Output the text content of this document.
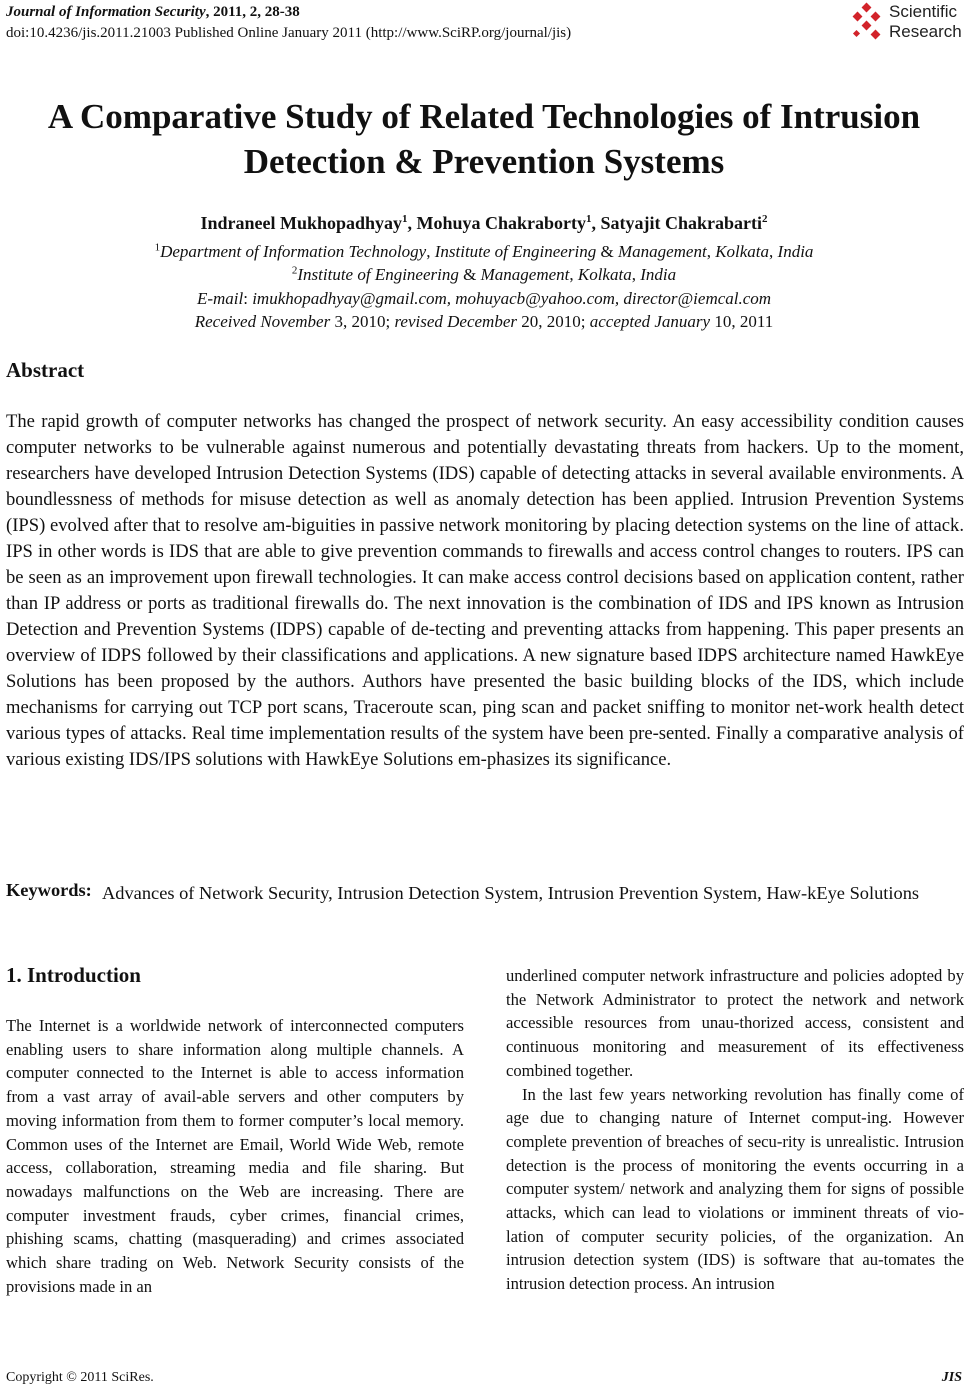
Journal of Information Security, 2011, 2, 28-38
doi:10.4236/jis.2011.21003 Published Online January 2011 (http://www.SciRP.org/journal/jis)
Scientific
Research
A Comparative Study of Related Technologies of Intrusion
Detection & Prevention Systems
Indraneel Mukhopadhyay$^1$, Mohuya Chakraborty$^1$, Satyajit Chakrabarti$^2$
$^1$Department of Information Technology, Institute of Engineering & Management, Kolkata, India
$^2$Institute of Engineering & Management, Kolkata, India
E-mail: imukhopadhyay@gmail.com, mohuyacb@yahoo.com, director@iemcal.com
Received November 3, 2010; revised December 20, 2010; accepted January 10, 2011
Abstract
The rapid growth of computer networks has changed the prospect of network security. An easy accessibility condition causes computer networks to be vulnerable against numerous and potentially devastating threats from hackers. Up to the moment, researchers have developed Intrusion Detection Systems (IDS) capable of detecting attacks in several available environments. A boundlessness of methods for misuse detection as well as anomaly detection has been applied. Intrusion Prevention Systems (IPS) evolved after that to resolve am-biguities in passive network monitoring by placing detection systems on the line of attack. IPS in other words is IDS that are able to give prevention commands to firewalls and access control changes to routers. IPS can be seen as an improvement upon firewall technologies. It can make access control decisions based on application content, rather than IP address or ports as traditional firewalls do. The next innovation is the combination of IDS and IPS known as Intrusion Detection and Prevention Systems (IDPS) capable of de-tecting and preventing attacks from happening. This paper presents an overview of IDPS followed by their classifications and applications. A new signature based IDPS architecture named HawkEye Solutions has been proposed by the authors. Authors have presented the basic building blocks of the IDS, which include mechanisms for carrying out TCP port scans, Traceroute scan, ping scan and packet sniffing to monitor net-work health detect various types of attacks. Real time implementation results of the system have been pre-sented. Finally a comparative analysis of various existing IDS/IPS solutions with HawkEye Solutions em-phasizes its significance.
Keywords: Advances of Network Security, Intrusion Detection System, Intrusion Prevention System, Haw-kEye Solutions
1. Introduction

The Internet is a worldwide network of interconnected computers enabling users to share information along multiple channels. A computer connected to the Internet is able to access information from a vast array of avail-able servers and other computers by moving information from them to former computer’s local memory. Common uses of the Internet are Email, World Wide Web, remote access, collaboration, streaming media and file sharing. But nowadays malfunctions on the Web are increasing. There are computer investment frauds, cyber crimes, financial crimes, phishing scams, chatting (masquerading) and crimes associated which share trading on Web. Network Security consists of the provisions made in an

underlined computer network infrastructure and policies adopted by the Network Administrator to protect the network and network accessible resources from unau-thorized access, consistent and continuous monitoring and measurement of its effectiveness combined together.

In the last few years networking revolution has finally come of age due to changing nature of Internet comput-ing. However complete prevention of breaches of secu-rity is unrealistic. Intrusion detection is the process of monitoring the events occurring in a computer system/ network and analyzing them for signs of possible attacks, which can lead to violations or imminent threats of vio-lation of computer security policies, of the organization. An intrusion detection system (IDS) is software that au-tomates the intrusion detection process. An intrusion

Copyright © 2011 SciRes.	JIS
